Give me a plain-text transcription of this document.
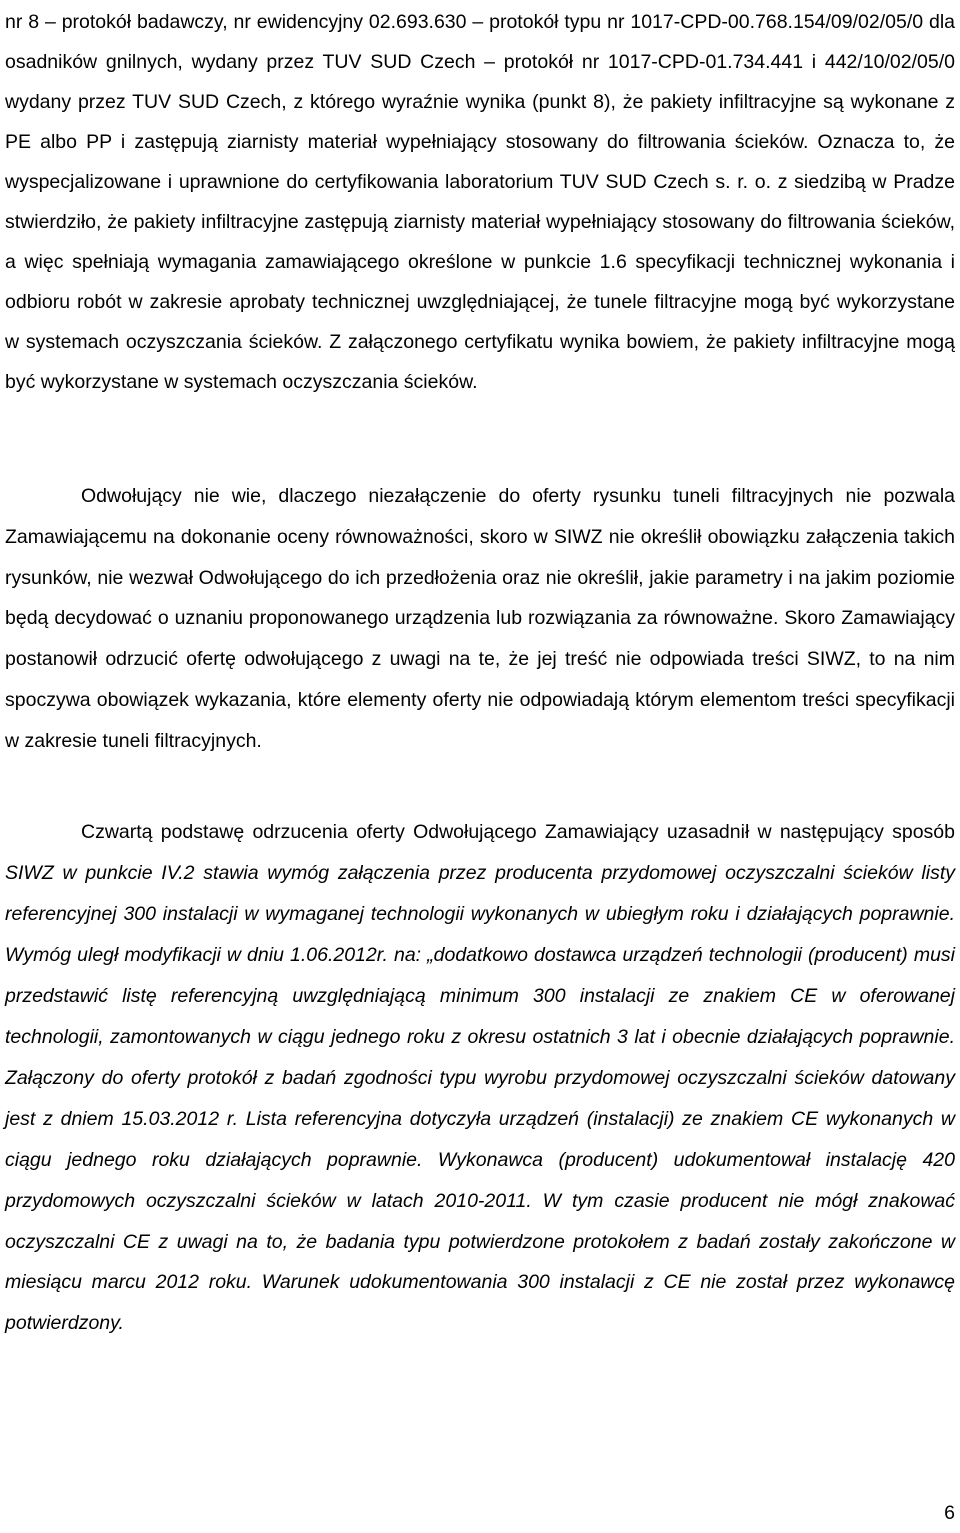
nr 8 – protokół badawczy, nr ewidencyjny 02.693.630 – protokół typu nr 1017-CPD-00.768.154/09/02/05/0 dla osadników gnilnych, wydany przez TUV SUD Czech – protokół nr 1017-CPD-01.734.441 i 442/10/02/05/0 wydany przez TUV SUD Czech, z którego wyraźnie wynika (punkt 8), że pakiety infiltracyjne są wykonane z PE albo PP i zastępują ziarnisty materiał wypełniający stosowany do filtrowania ścieków. Oznacza to, że wyspecjalizowane i uprawnione do certyfikowania laboratorium TUV SUD Czech s. r. o. z siedzibą w Pradze stwierdziło, że pakiety infiltracyjne zastępują ziarnisty materiał wypełniający stosowany do filtrowania ścieków, a więc spełniają wymagania zamawiającego określone w punkcie 1.6 specyfikacji technicznej wykonania i odbioru robót w zakresie aprobaty technicznej uwzględniającej, że tunele filtracyjne mogą być wykorzystane w systemach oczyszczania ścieków. Z załączonego certyfikatu wynika bowiem, że pakiety infiltracyjne mogą być wykorzystane w systemach oczyszczania ścieków.

Odwołujący nie wie, dlaczego niezałączenie do oferty rysunku tuneli filtracyjnych nie pozwala Zamawiającemu na dokonanie oceny równoważności, skoro w SIWZ nie określił obowiązku załączenia takich rysunków, nie wezwał Odwołującego do ich przedłożenia oraz nie określił, jakie parametry i na jakim poziomie będą decydować o uznaniu proponowanego urządzenia lub rozwiązania za równoważne. Skoro Zamawiający postanowił odrzucić ofertę odwołującego z uwagi na te, że jej treść nie odpowiada treści SIWZ, to na nim spoczywa obowiązek wykazania, które elementy oferty nie odpowiadają którym elementom treści specyfikacji w zakresie tuneli filtracyjnych.

Czwartą podstawę odrzucenia oferty Odwołującego Zamawiający uzasadnił w następujący sposób SIWZ w punkcie IV.2 stawia wymóg załączenia przez producenta przydomowej oczyszczalni ścieków listy referencyjnej 300 instalacji w wymaganej technologii wykonanych w ubiegłym roku i działających poprawnie. Wymóg uległ modyfikacji w dniu 1.06.2012r. na: „dodatkowo dostawca urządzeń technologii (producent) musi przedstawić listę referencyjną uwzględniającą minimum 300 instalacji ze znakiem CE w oferowanej technologii, zamontowanych w ciągu jednego roku z okresu ostatnich 3 lat i obecnie działających poprawnie. Załączony do oferty protokół z badań zgodności typu wyrobu przydomowej oczyszczalni ścieków datowany jest z dniem 15.03.2012 r. Lista referencyjna dotyczyła urządzeń (instalacji) ze znakiem CE wykonanych w ciągu jednego roku działających poprawnie. Wykonawca (producent) udokumentował instalację 420 przydomowych oczyszczalni ścieków w latach 2010-2011. W tym czasie producent nie mógł znakować oczyszczalni CE z uwagi na to, że badania typu potwierdzone protokołem z badań zostały zakończone w miesiącu marcu 2012 roku. Warunek udokumentowania 300 instalacji z CE nie został przez wykonawcę potwierdzony.

6
